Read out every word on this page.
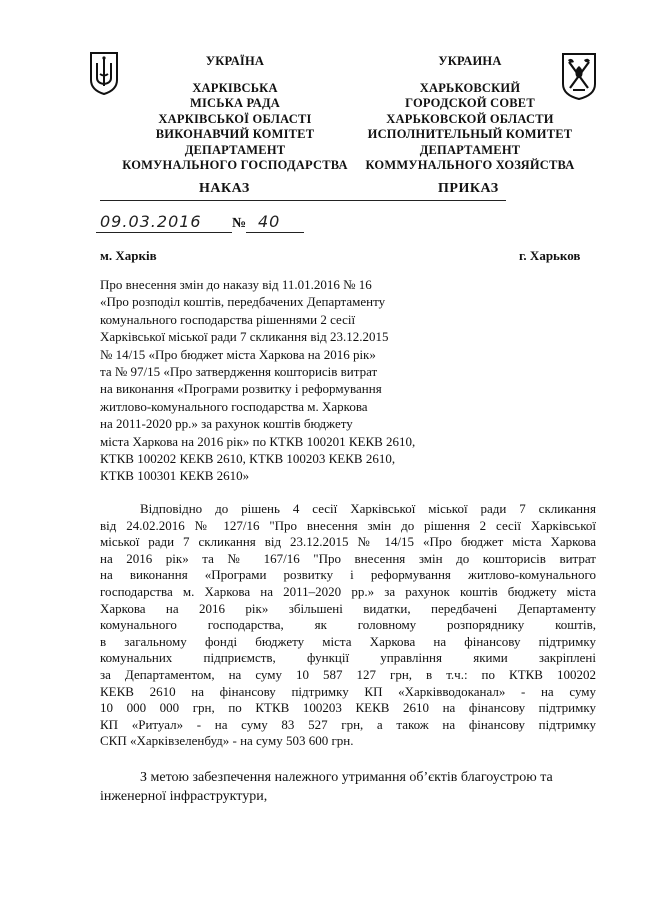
УКРАЇНА
ХАРКІВСЬКА
МІСЬКА РАДА
ХАРКІВСЬКОЇ ОБЛАСТІ
ВИКОНАВЧИЙ КОМІТЕТ
ДЕПАРТАМЕНТ
КОМУНАЛЬНОГО ГОСПОДАРСТВА
УКРАИНА
ХАРЬКОВСКИЙ
ГОРОДСКОЙ СОВЕТ
ХАРЬКОВСКОЙ ОБЛАСТИ
ИСПОЛНИТЕЛЬНЫЙ КОМИТЕТ
ДЕПАРТАМЕНТ
КОММУНАЛЬНОГО ХОЗЯЙСТВА
НАКАЗ	ПРИКАЗ
09.03.2016 № 40
м. Харків	г. Харьков
Про внесення змін до наказу від 11.01.2016 № 16
«Про розподіл коштів, передбачених Департаменту
комунального господарства рішеннями 2 сесії
Харківської міської ради 7 скликання від 23.12.2015
№ 14/15 «Про бюджет міста Харкова на 2016 рік»
та № 97/15 «Про затвердження кошторисів витрат
на виконання «Програми розвитку і реформування
житлово-комунального господарства м. Харкова
на 2011-2020 рр.» за рахунок коштів бюджету
міста Харкова на 2016 рік» по КТКВ 100201 КЕКВ 2610,
КТКВ 100202 КЕКВ 2610, КТКВ 100203 КЕКВ 2610,
КТКВ 100301 КЕКВ 2610»
Відповідно до рішень 4 сесії Харківської міської ради 7 скликання
від 24.02.2016 № 127/16 "Про внесення змін до рішення 2 сесії Харківської
міської ради 7 скликання від 23.12.2015 № 14/15 «Про бюджет міста Харкова
на 2016 рік» та № 167/16 "Про внесення змін до кошторисів витрат
на виконання «Програми розвитку і реформування житлово-комунального
господарства м. Харкова на 2011–2020 рр.» за рахунок коштів бюджету міста
Харкова на 2016 рік» збільшені видатки, передбачені Департаменту
комунального господарства, як головному розпоряднику коштів,
в загальному фонді бюджету міста Харкова на фінансову підтримку
комунальних підприємств, функції управління якими закріплені
за Департаментом, на суму 10 587 127 грн, в т.ч.: по КТКВ 100202
КЕКВ 2610 на фінансову підтримку КП «Харківводоканал» - на суму
10 000 000 грн, по КТКВ 100203 КЕКВ 2610 на фінансову підтримку
КП «Ритуал» - на суму 83 527 грн, а також на фінансову підтримку
СКП «Харківзеленбуд» - на суму 503 600 грн.
З метою забезпечення належного утримання об’єктів благоустрою та
інженерної інфраструктури,
